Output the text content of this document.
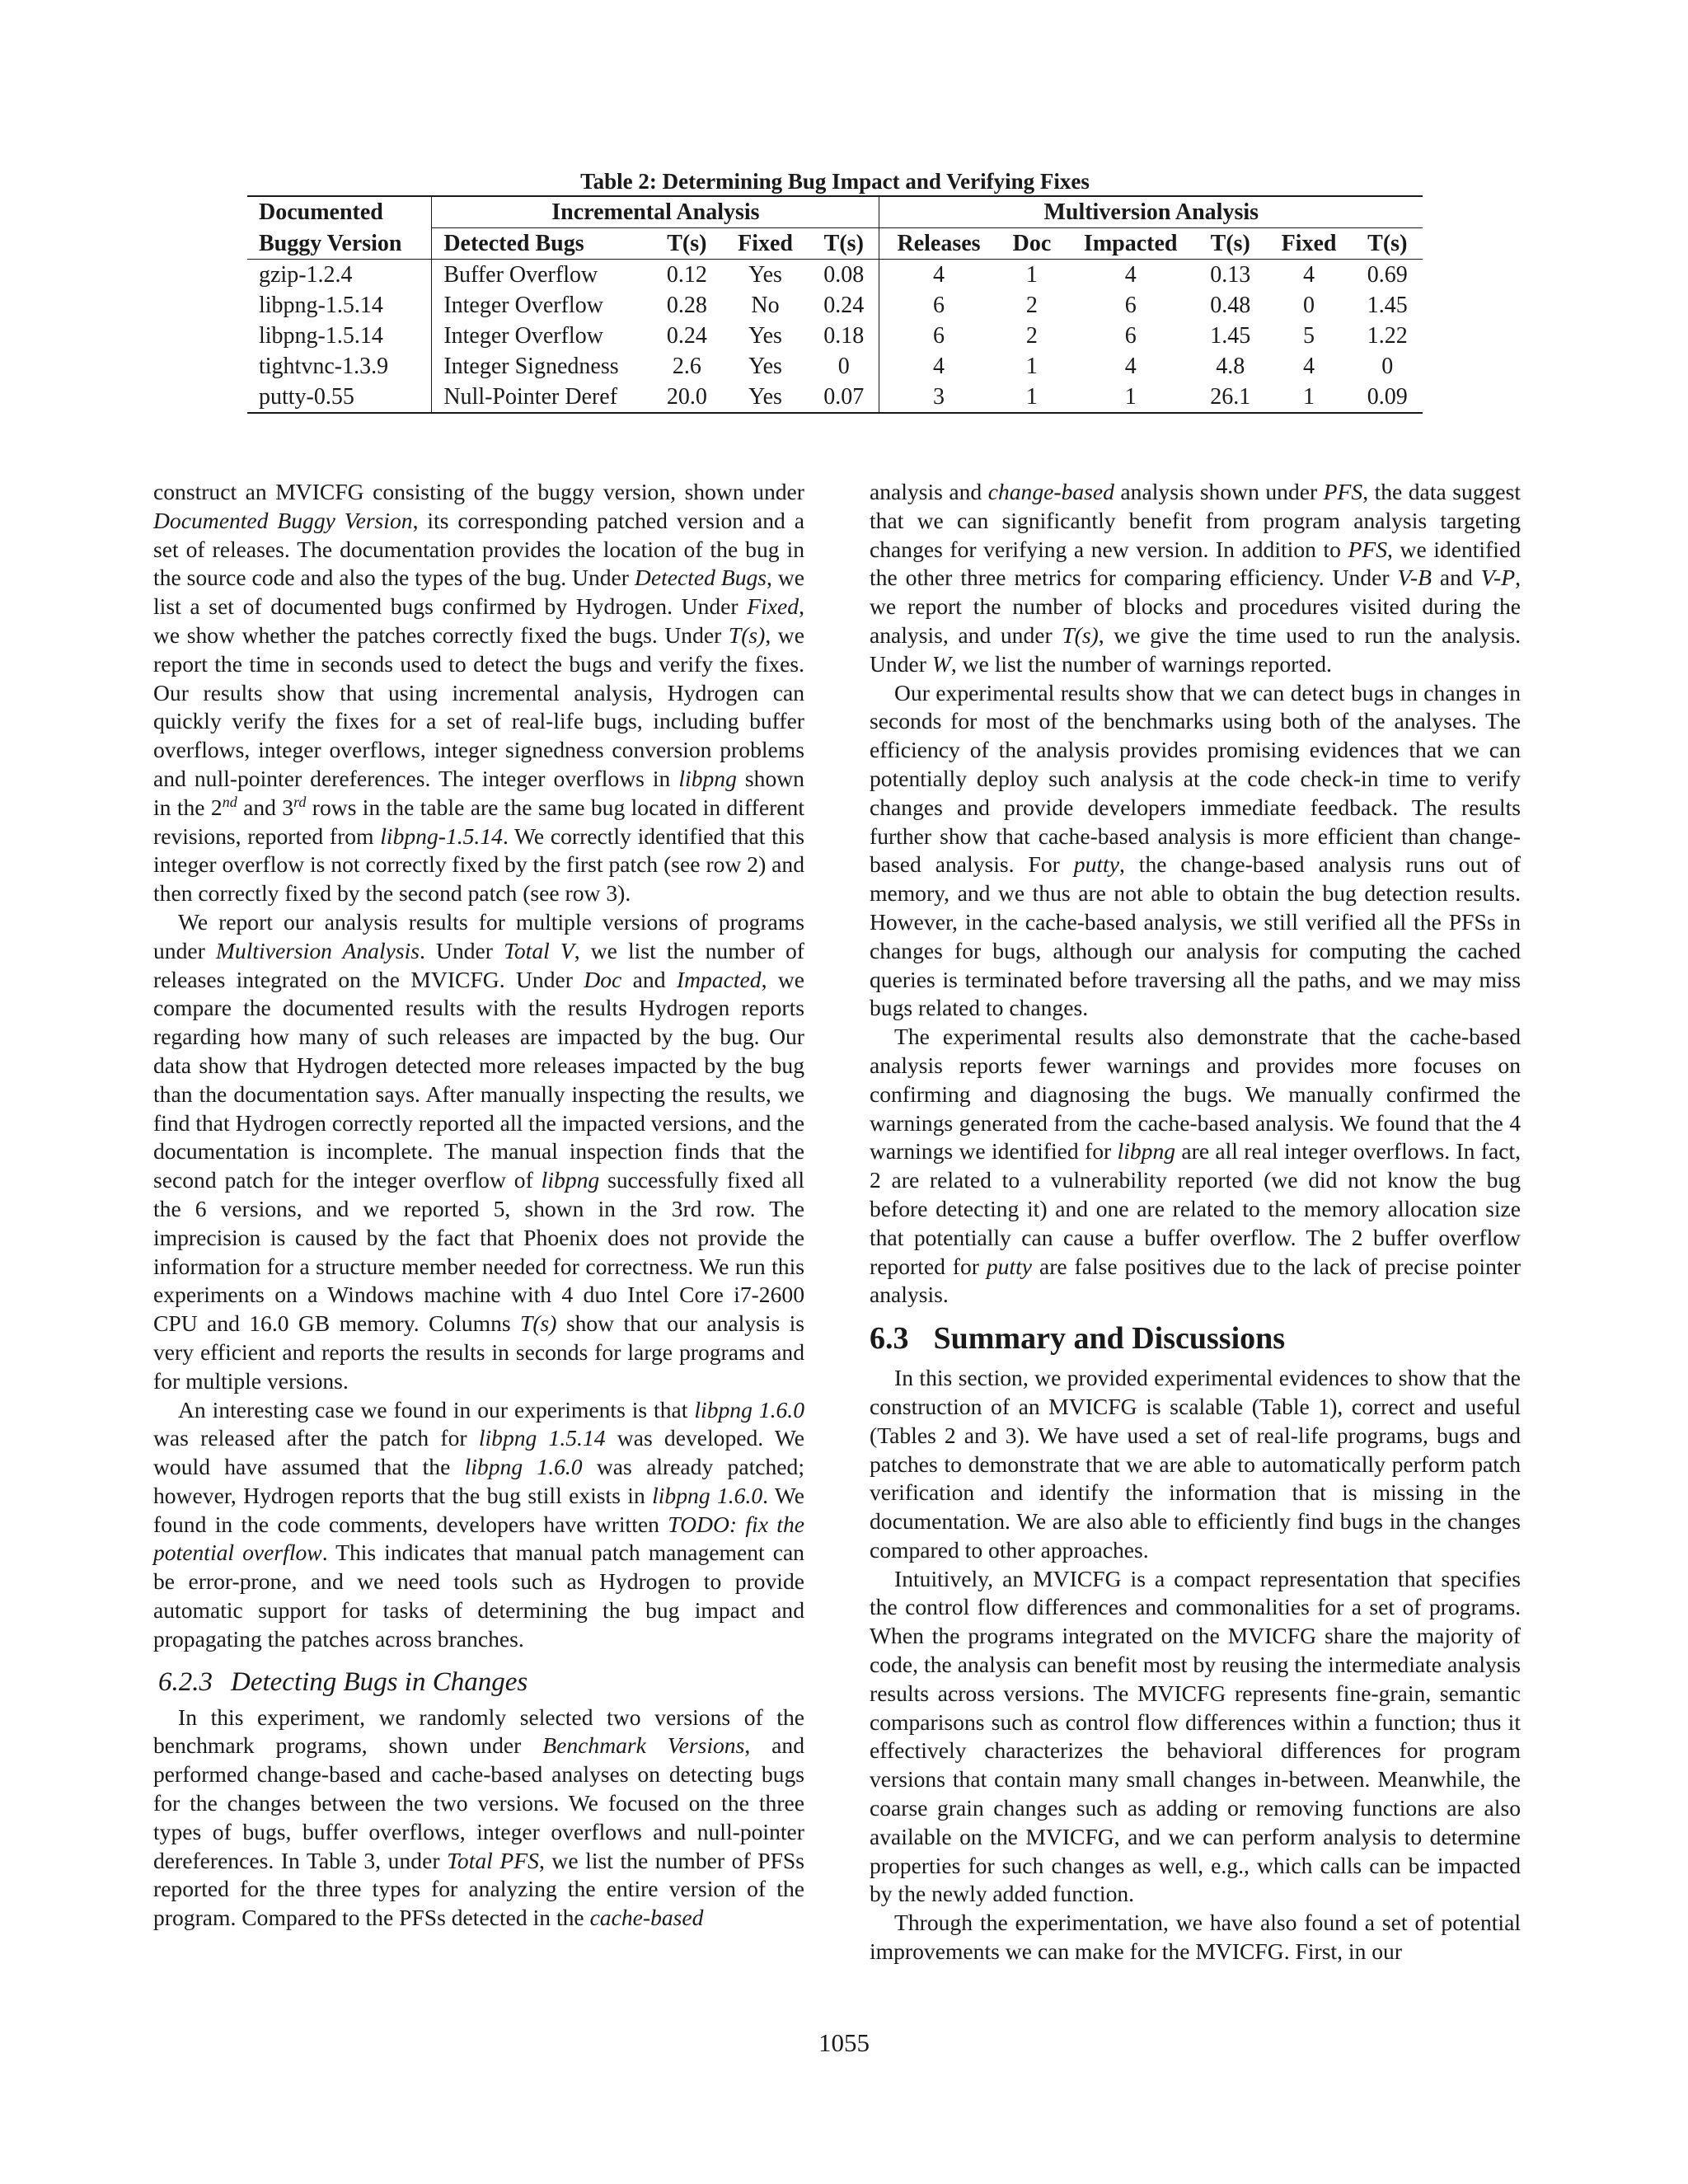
Table 2: Determining Bug Impact and Verifying Fixes
Documented	Incremental Analysis				Multiversion Analysis					
Buggy Version	Detected Bugs	T(s)	Fixed	T(s)	Releases	Doc	Impacted	T(s)	Fixed	T(s)
gzip-1.2.4	Buffer Overflow	0.12	Yes	0.08	4	1	4	0.13	4	0.69
libpng-1.5.14	Integer Overflow	0.28	No	0.24	6	2	6	0.48	0	1.45
libpng-1.5.14	Integer Overflow	0.24	Yes	0.18	6	2	6	1.45	5	1.22
tightvnc-1.3.9	Integer Signedness	2.6	Yes	0	4	1	4	4.8	4	0
putty-0.55	Null-Pointer Deref	20.0	Yes	0.07	3	1	1	26.1	1	0.09

construct an MVICFG consisting of the buggy version, shown under Documented Buggy Version, its corresponding patched version and a set of releases. The documentation provides the location of the bug in the source code and also the types of the bug. Under Detected Bugs, we list a set of documented bugs confirmed by Hydrogen. Under Fixed, we show whether the patches correctly fixed the bugs. Under T(s), we report the time in seconds used to detect the bugs and verify the fixes. Our results show that using incremental analysis, Hydrogen can quickly verify the fixes for a set of real-life bugs, including buffer overflows, integer overflows, integer signedness conversion problems and null-pointer dereferences. The integer overflows in libpng shown in the 2nd and 3rd rows in the table are the same bug located in different revisions, reported from libpng-1.5.14. We correctly identified that this integer overflow is not correctly fixed by the first patch (see row 2) and then correctly fixed by the second patch (see row 3).

We report our analysis results for multiple versions of programs under Multiversion Analysis. Under Total V, we list the number of releases integrated on the MVICFG. Under Doc and Impacted, we compare the documented results with the results Hydrogen reports regarding how many of such releases are impacted by the bug. Our data show that Hydrogen detected more releases impacted by the bug than the documentation says. After manually inspecting the results, we find that Hydrogen correctly reported all the impacted versions, and the documentation is incomplete. The manual inspection finds that the second patch for the integer overflow of libpng successfully fixed all the 6 versions, and we reported 5, shown in the 3rd row. The imprecision is caused by the fact that Phoenix does not provide the information for a structure member needed for correctness. We run this experiments on a Windows machine with 4 duo Intel Core i7-2600 CPU and 16.0 GB memory. Columns T(s) show that our analysis is very efficient and reports the results in seconds for large programs and for multiple versions.

An interesting case we found in our experiments is that libpng 1.6.0 was released after the patch for libpng 1.5.14 was developed. We would have assumed that the libpng 1.6.0 was already patched; however, Hydrogen reports that the bug still exists in libpng 1.6.0. We found in the code comments, developers have written TODO: fix the potential overflow. This indicates that manual patch management can be error-prone, and we need tools such as Hydrogen to provide automatic support for tasks of determining the bug impact and propagating the patches across branches.

6.2.3 Detecting Bugs in Changes

In this experiment, we randomly selected two versions of the benchmark programs, shown under Benchmark Versions, and performed change-based and cache-based analyses on detecting bugs for the changes between the two versions. We focused on the three types of bugs, buffer overflows, integer overflows and null-pointer dereferences. In Table 3, under Total PFS, we list the number of PFSs reported for the three types for analyzing the entire version of the program. Compared to the PFSs detected in the cache-based

analysis and change-based analysis shown under PFS, the data suggest that we can significantly benefit from program analysis targeting changes for verifying a new version. In addition to PFS, we identified the other three metrics for comparing efficiency. Under V-B and V-P, we report the number of blocks and procedures visited during the analysis, and under T(s), we give the time used to run the analysis. Under W, we list the number of warnings reported.

Our experimental results show that we can detect bugs in changes in seconds for most of the benchmarks using both of the analyses. The efficiency of the analysis provides promising evidences that we can potentially deploy such analysis at the code check-in time to verify changes and provide developers immediate feedback. The results further show that cache-based analysis is more efficient than change-based analysis. For putty, the change-based analysis runs out of memory, and we thus are not able to obtain the bug detection results. However, in the cache-based analysis, we still verified all the PFSs in changes for bugs, although our analysis for computing the cached queries is terminated before traversing all the paths, and we may miss bugs related to changes.

The experimental results also demonstrate that the cache-based analysis reports fewer warnings and provides more focuses on confirming and diagnosing the bugs. We manually confirmed the warnings generated from the cache-based analysis. We found that the 4 warnings we identified for libpng are all real integer overflows. In fact, 2 are related to a vulnerability reported (we did not know the bug before detecting it) and one are related to the memory allocation size that potentially can cause a buffer overflow. The 2 buffer overflow reported for putty are false positives due to the lack of precise pointer analysis.

6.3 Summary and Discussions

In this section, we provided experimental evidences to show that the construction of an MVICFG is scalable (Table 1), correct and useful (Tables 2 and 3). We have used a set of real-life programs, bugs and patches to demonstrate that we are able to automatically perform patch verification and identify the information that is missing in the documentation. We are also able to efficiently find bugs in the changes compared to other approaches.

Intuitively, an MVICFG is a compact representation that specifies the control flow differences and commonalities for a set of programs. When the programs integrated on the MVICFG share the majority of code, the analysis can benefit most by reusing the intermediate analysis results across versions. The MVICFG represents fine-grain, semantic comparisons such as control flow differences within a function; thus it effectively characterizes the behavioral differences for program versions that contain many small changes in-between. Meanwhile, the coarse grain changes such as adding or removing functions are also available on the MVICFG, and we can perform analysis to determine properties for such changes as well, e.g., which calls can be impacted by the newly added function.

Through the experimentation, we have also found a set of potential improvements we can make for the MVICFG. First, in our

1055
